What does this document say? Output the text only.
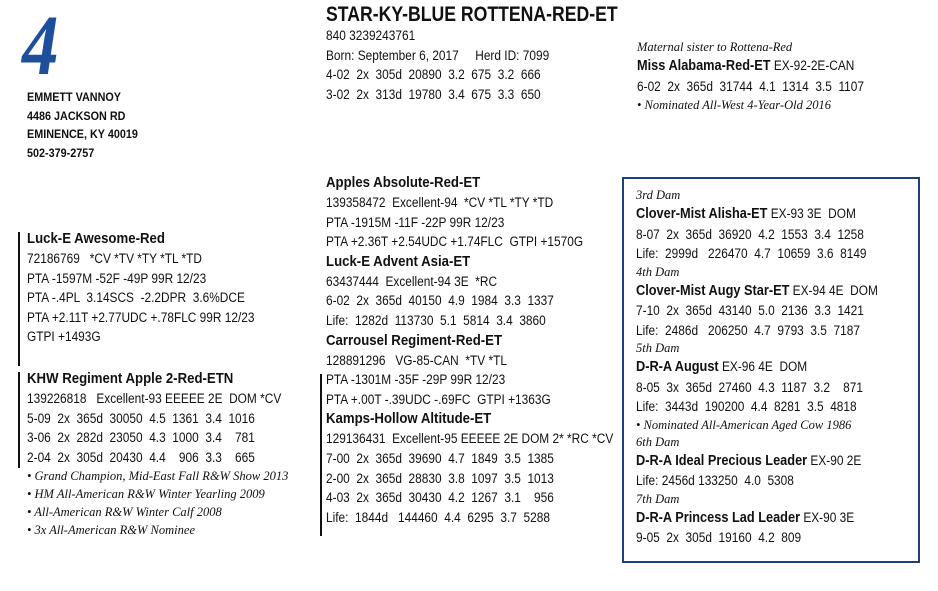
4
EMMETT VANNOY
4486 JACKSON RD
EMINENCE, KY 40019
502-379-2757
STAR-KY-BLUE ROTTENA-RED-ET
840 3239243761
Born: September 6, 2017     Herd ID: 7099
4-02  2x  305d  20890  3.2  675  3.2  666
3-02  2x  313d  19780  3.4  675  3.3  650
Maternal sister to Rottena-Red
Miss Alabama-Red-ET EX-92-2E-CAN
6-02  2x  365d  31744  4.1  1314  3.5  1107
• Nominated All-West 4-Year-Old 2016
Luck-E Awesome-Red
72186769   *CV *TV *TY *TL *TD
PTA -1597M -52F -49P 99R 12/23
PTA -.4PL  3.14SCS  -2.2DPR  3.6%DCE
PTA +2.11T +2.77UDC +.78FLC 99R 12/23
GTPI +1493G
KHW Regiment Apple 2-Red-ETN
139226818   Excellent-93 EEEEE 2E  DOM *CV
5-09  2x  365d  30050  4.5  1361  3.4  1016
3-06  2x  282d  23050  4.3  1000  3.4    781
2-04  2x  305d  20430  4.4    906  3.3    665
• Grand Champion, Mid-East Fall R&W Show 2013
• HM All-American R&W Winter Yearling 2009
• All-American R&W Winter Calf 2008
• 3x All-American R&W Nominee
Apples Absolute-Red-ET
139358472  Excellent-94  *CV *TL *TY *TD
PTA -1915M -11F -22P 99R 12/23
PTA +2.36T +2.54UDC +1.74FLC  GTPI +1570G
Luck-E Advent Asia-ET
63437444  Excellent-94 3E  *RC
6-02  2x  365d  40150  4.9  1984  3.3  1337
Life:  1282d  113730  5.1  5814  3.4  3860
Carrousel Regiment-Red-ET
128891296   VG-85-CAN  *TV *TL
PTA -1301M -35F -29P 99R 12/23
PTA +.00T -.39UDC -.69FC  GTPI +1363G
Kamps-Hollow Altitude-ET
129136431  Excellent-95 EEEEE 2E DOM 2* *RC *CV
7-00  2x  365d  39690  4.7  1849  3.5  1385
2-00  2x  365d  28830  3.8  1097  3.5  1013
4-03  2x  365d  30430  4.2  1267  3.1    956
Life:  1844d   144460  4.4  6295  3.7  5288
3rd Dam
Clover-Mist Alisha-ET EX-93 3E  DOM
8-07  2x  365d  36920  4.2  1553  3.4  1258
Life:  2999d   226470  4.7  10659  3.6  8149
4th Dam
Clover-Mist Augy Star-ET EX-94 4E  DOM
7-10  2x  365d  43140  5.0  2136  3.3  1421
Life:  2486d   206250  4.7  9793  3.5  7187
5th Dam
D-R-A August EX-96 4E  DOM
8-05  3x  365d  27460  4.3  1187  3.2    871
Life:  3443d  190200  4.4  8281  3.5  4818
• Nominated All-American Aged Cow 1986
6th Dam
D-R-A Ideal Precious Leader EX-90 2E
Life: 2456d 133250  4.0  5308
7th Dam
D-R-A Princess Lad Leader EX-90 3E
9-05  2x  305d  19160  4.2  809
